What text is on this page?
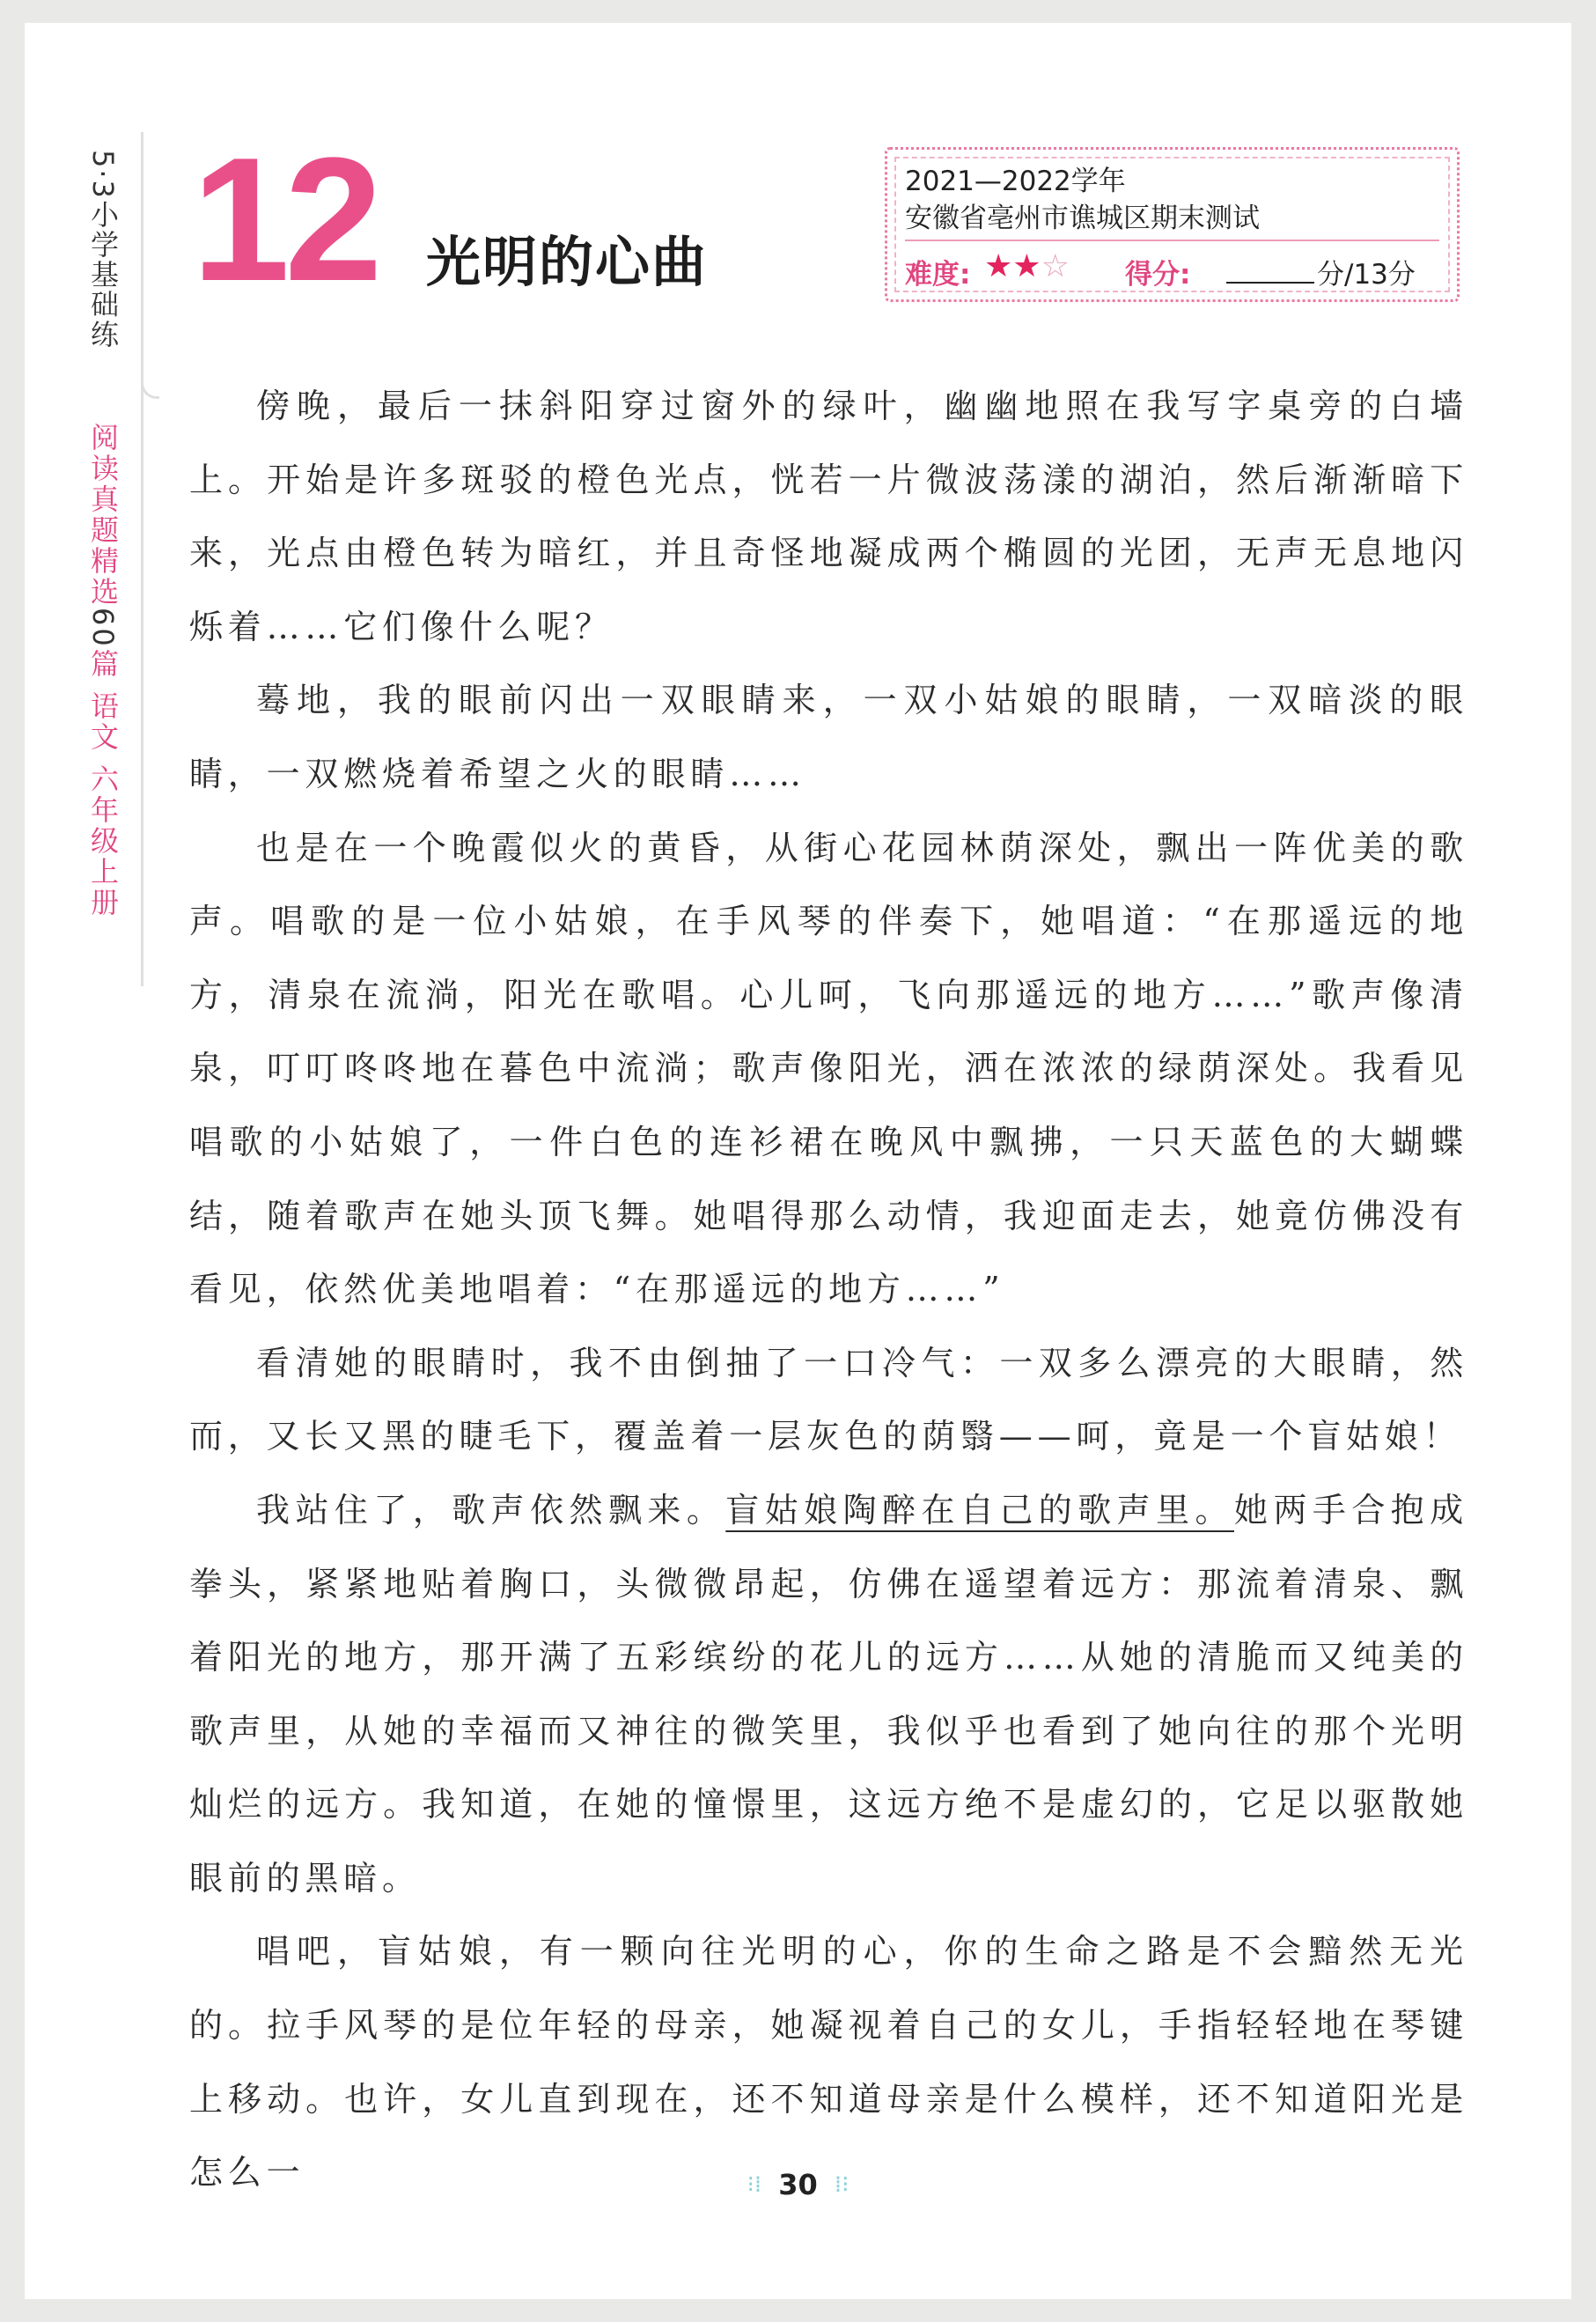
5·3小学基础练
阅读真题精选60篇 语文 六年级上册
12 光明的心曲
2021—2022学年
安徽省亳州市谯城区期末测试
难度: ★★☆ 得分:	分/13分

傍晚，最后一抹斜阳穿过窗外的绿叶，幽幽地照在我写字桌旁的白墙上。开始是许多斑驳的橙色光点，恍若一片微波荡漾的湖泊，然后渐渐暗下来，光点由橙色转为暗红，并且奇怪地凝成两个椭圆的光团，无声无息地闪烁着……它们像什么呢？

蓦地，我的眼前闪出一双眼睛来，一双小姑娘的眼睛，一双暗淡的眼睛，一双燃烧着希望之火的眼睛……

也是在一个晚霞似火的黄昏，从街心花园林荫深处，飘出一阵优美的歌声。唱歌的是一位小姑娘，在手风琴的伴奏下，她唱道：“在那遥远的地方，清泉在流淌，阳光在歌唱。心儿呵，飞向那遥远的地方……”歌声像清泉，叮叮咚咚地在暮色中流淌；歌声像阳光，洒在浓浓的绿荫深处。我看见唱歌的小姑娘了，一件白色的连衫裙在晚风中飘拂，一只天蓝色的大蝴蝶结，随着歌声在她头顶飞舞。她唱得那么动情，我迎面走去，她竟仿佛没有看见，依然优美地唱着：“在那遥远的地方……”

看清她的眼睛时，我不由倒抽了一口冷气：一双多么漂亮的大眼睛，然而，又长又黑的睫毛下，覆盖着一层灰色的荫翳——呵，竟是一个盲姑娘！

我站住了，歌声依然飘来。盲姑娘陶醉在自己的歌声里。她两手合抱成拳头，紧紧地贴着胸口，头微微昂起，仿佛在遥望着远方：那流着清泉、飘着阳光的地方，那开满了五彩缤纷的花儿的远方……从她的清脆而又纯美的歌声里，从她的幸福而又神往的微笑里，我似乎也看到了她向往的那个光明灿烂的远方。我知道，在她的憧憬里，这远方绝不是虚幻的，它足以驱散她眼前的黑暗。

唱吧，盲姑娘，有一颗向往光明的心，你的生命之路是不会黯然无光的。拉手风琴的是位年轻的母亲，她凝视着自己的女儿，手指轻轻地在琴键上移动。也许，女儿直到现在，还不知道母亲是什么模样，还不知道阳光是怎么一	⁝⁞ 30 ⁞⁝
